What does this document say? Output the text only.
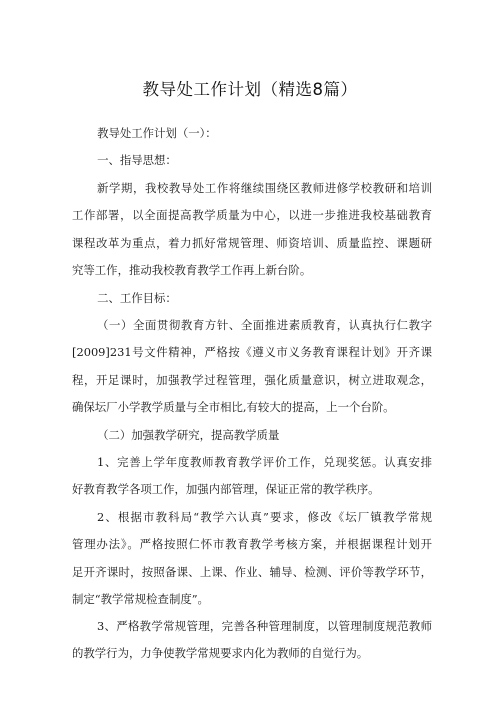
教导处工作计划（精选8篇）

教导处工作计划（一）：

一、指导思想：

新学期，我校教导处工作将继续围绕区教师进修学校教研和培训
工作部署，以全面提高教学质量为中心，以进一步推进我校基础教育
课程改革为重点，着力抓好常规管理、师资培训、质量监控、课题研
究等工作，推动我校教育教学工作再上新台阶。

二、工作目标：

（一）全面贯彻教育方针、全面推进素质教育，认真执行仁教字
[2009]231号文件精神，严格按《遵义市义务教育课程计划》开齐课
程，开足课时，加强教学过程管理，强化质量意识，树立进取观念，
确保坛厂小学教学质量与全市相比,有较大的提高，上一个台阶。

（二）加强教学研究，提高教学质量

1、完善上学年度教师教育教学评价工作，兑现奖惩。认真安排
好教育教学各项工作，加强内部管理，保证正常的教学秩序。
2、根据市教科局“教学六认真”要求，修改《坛厂镇教学常规
管理办法》。严格按照仁怀市教育教学考核方案，并根据课程计划开
足开齐课时，按照备课、上课、作业、辅导、检测、评价等教学环节，
制定“教学常规检查制度”。
3、严格教学常规管理，完善各种管理制度，以管理制度规范教师
的教学行为，力争使教学常规要求内化为教师的自觉行为。
